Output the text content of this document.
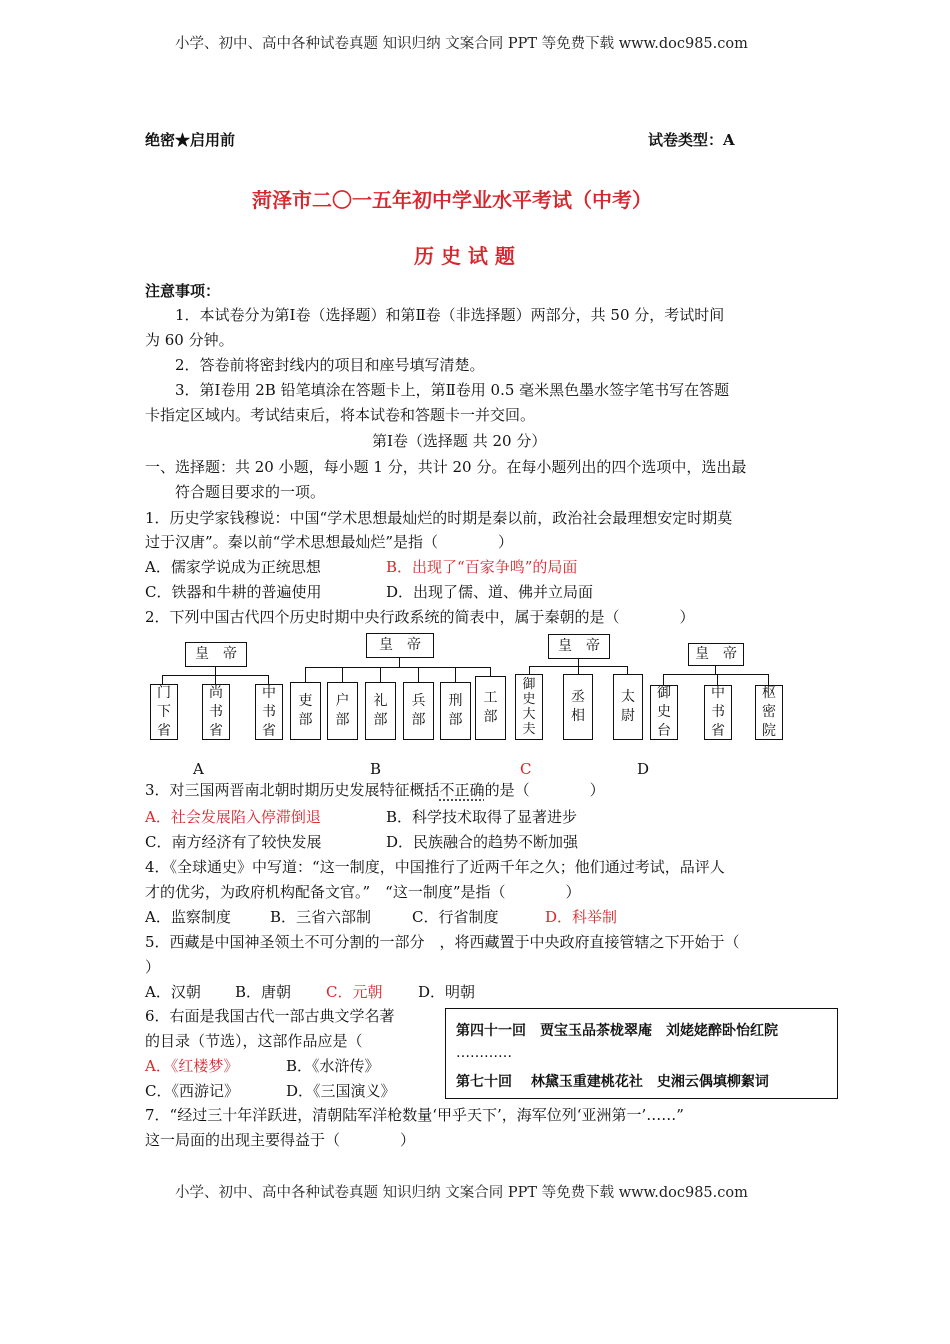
小学、初中、高中各种试卷真题 知识归纳 文案合同 PPT 等免费下载 www.doc985.com
小学、初中、高中各种试卷真题 知识归纳 文案合同 PPT 等免费下载 www.doc985.com
绝密★启用前	试卷类型：A
菏泽市二〇一五年初中学业水平考试（中考）
历 史 试 题
注意事项：
1．本试卷分为第Ⅰ卷（选择题）和第Ⅱ卷（非选择题）两部分，共 50 分，考试时间
为 60 分钟。
2．答卷前将密封线内的项目和座号填写清楚。
3．第Ⅰ卷用 2B 铅笔填涂在答题卡上，第Ⅱ卷用 0.5 毫米黑色墨水签字笔书写在答题
卡指定区域内。考试结束后，将本试卷和答题卡一并交回。
第Ⅰ卷（选择题 共 20 分）
一、选择题：共 20 小题，每小题 1 分，共计 20 分。在每小题列出的四个选项中，选出最
符合题目要求的一项。
1．历史学家钱穆说：中国“学术思想最灿烂的时期是秦以前，政治社会最理想安定时期莫
过于汉唐”。秦以前“学术思想最灿烂”是指（　　　　）
A．儒家学说成为正统思想	B．出现了“百家争鸣”的局面
C．铁器和牛耕的普遍使用	D．出现了儒、道、佛并立局面
2．下列中国古代四个历史时期中央行政系统的简表中，属于秦朝的是（　　　　）
皇　帝
门
下
省
尚
书
省
中
书
省
皇　帝
吏
部
户
部
礼
部
兵
部
刑
部
工
部
皇　帝
御
史
大
夫
丞
相
太
尉
皇　帝
御
史
台
中
书
省
枢
密
院
A	B	C	D
3．对三国两晋南北朝时期历史发展特征概括不正确的是（　　　　）
A．社会发展陷入停滞倒退	B．科学技术取得了显著进步
C．南方经济有了较快发展	D．民族融合的趋势不断加强
4．《全球通史》中写道：“这一制度，中国推行了近两千年之久；他们通过考试，品评人
才的优劣，为政府机构配备文官。”　“这一制度”是指（　　　　）
A．监察制度	B．三省六部制	C．行省制度	D．科举制
5．西藏是中国神圣领土不可分割的一部分　，将西藏置于中央政府直接管辖之下开始于（
）
A．汉朝 B．唐朝 C．元朝 D．明朝
6．右面是我国古代一部古典文学名著
的目录（节选），这部作品应是（
A．《红楼梦》	B．《水浒传》
C．《西游记》	D．《三国演义》
第四十一回　贾宝玉品茶栊翠庵　刘姥姥醉卧怡红院
…………
第七十回　 林黛玉重建桃花社　史湘云偶填柳絮词
7．“经过三十年洋跃进，清朝陆军洋枪数量‘甲乎天下’，海军位列‘亚洲第一’……”
这一局面的出现主要得益于（　　　　）
